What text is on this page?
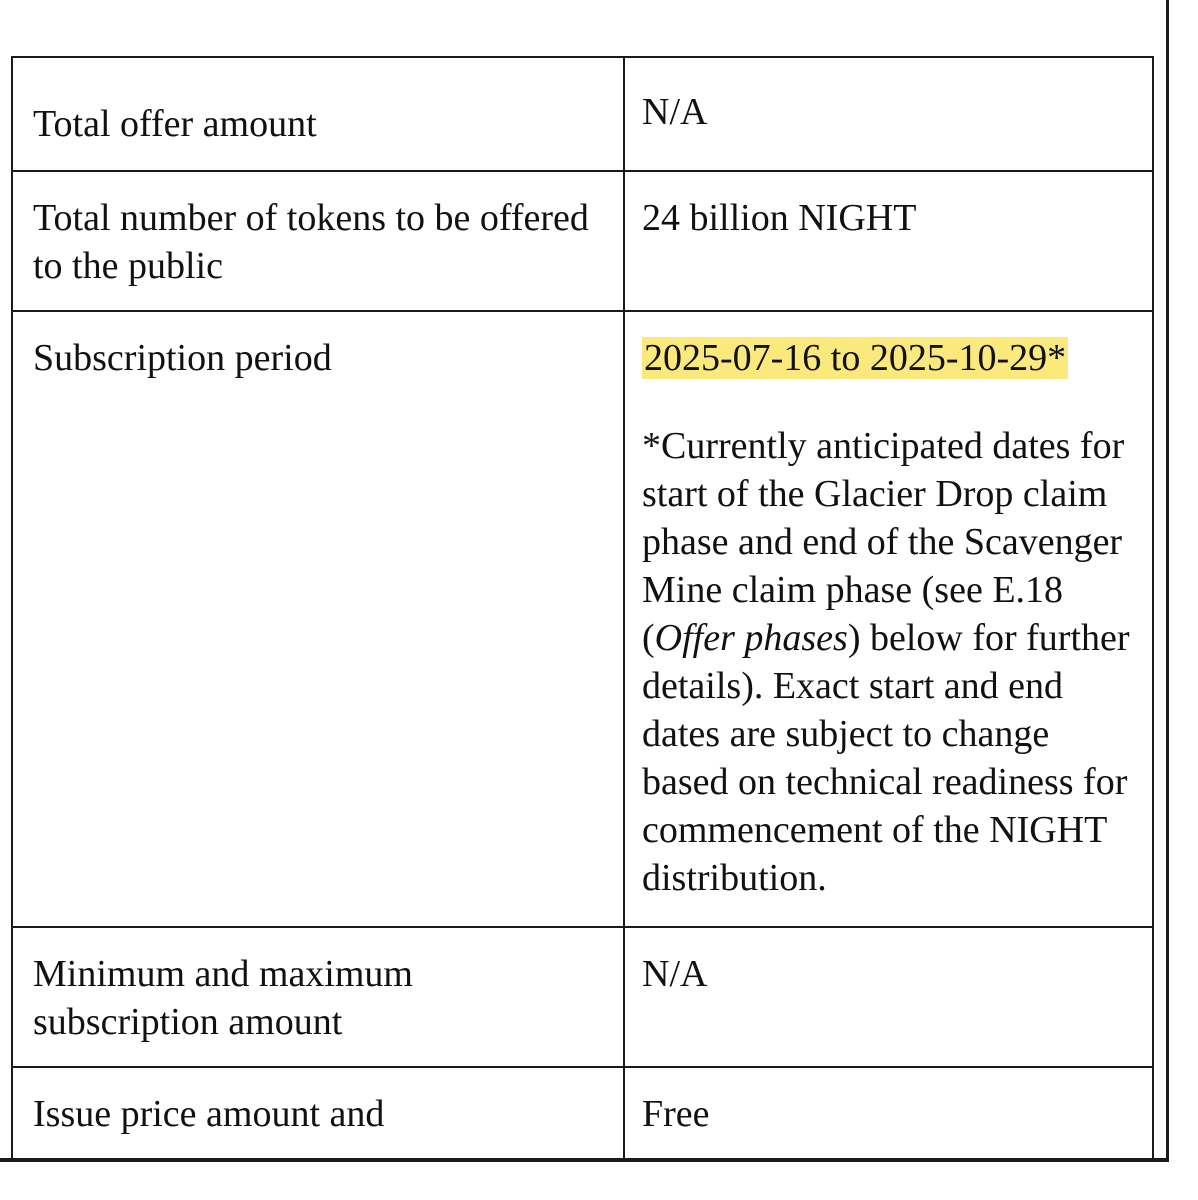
Total offer amount	N/A

Total number of tokens to be offered to the public	24 billion NIGHT

Subscription period	2025-07-16 to 2025-10-29*
*Currently anticipated dates for start of the Glacier Drop claim phase and end of the Scavenger Mine claim phase (see E.18 (Offer phases) below for further details). Exact start and end dates are subject to change based on technical readiness for commencement of the NIGHT distribution.

Minimum and maximum subscription amount	N/A

Issue price amount and	Free
